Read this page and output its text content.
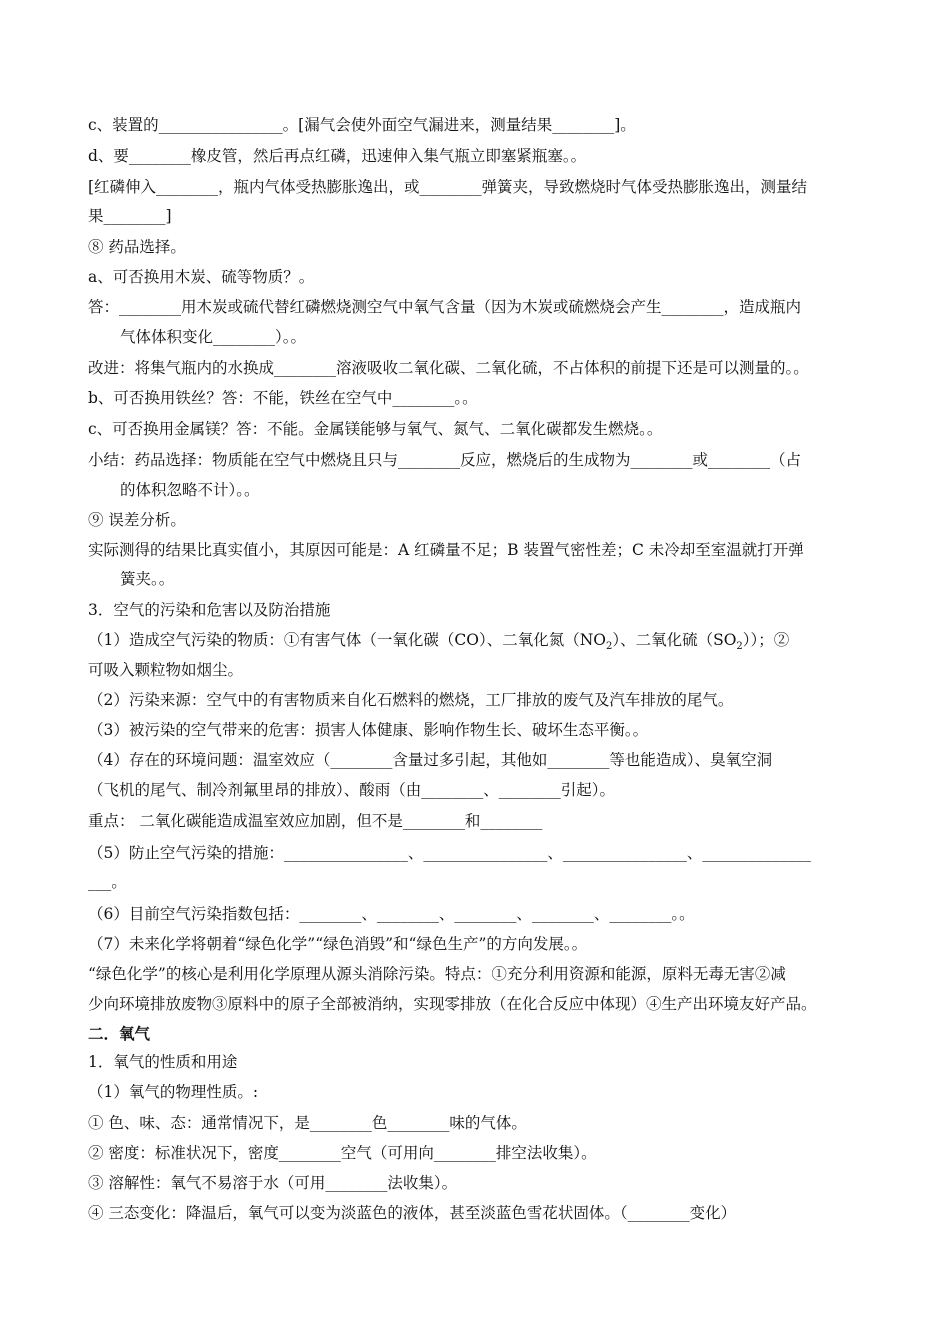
c、装置的________________。[漏气会使外面空气漏进来，测量结果________]。
d、要________橡皮管，然后再点红磷，迅速伸入集气瓶立即塞紧瓶塞。。
[红磷伸入________，瓶内气体受热膨胀逸出，或________弹簧夹，导致燃烧时气体受热膨胀逸出，测量结
果________]
⑧ 药品选择。
a、可否换用木炭、硫等物质？。
答：________用木炭或硫代替红磷燃烧测空气中氧气含量（因为木炭或硫燃烧会产生________，造成瓶内
气体体积变化________）。。
改进：将集气瓶内的水换成________溶液吸收二氧化碳、二氧化硫，不占体积的前提下还是可以测量的。。
b、可否换用铁丝？答：不能，铁丝在空气中________。。
c、可否换用金属镁？答：不能。金属镁能够与氧气、氮气、二氧化碳都发生燃烧。。
小结：药品选择：物质能在空气中燃烧且只与________反应，燃烧后的生成物为________或________（占
的体积忽略不计）。。
⑨ 误差分析。
实际测得的结果比真实值小，其原因可能是：A 红磷量不足；B 装置气密性差；C 未冷却至室温就打开弹
簧夹。。
3．空气的污染和危害以及防治措施
（1）造成空气污染的物质：①有害气体（一氧化碳（CO）、二氧化氮$(NO_2)$、二氧化硫$(SO_2)$）；②
可吸入颗粒物如烟尘。
（2）污染来源：空气中的有害物质来自化石燃料的燃烧，工厂排放的废气及汽车排放的尾气。
（3）被污染的空气带来的危害：损害人体健康、影响作物生长、破坏生态平衡。。
（4）存在的环境问题：温室效应（________含量过多引起，其他如________等也能造成）、臭氧空洞
（飞机的尾气、制冷剂氟里昂的排放）、酸雨（由________、________引起）。
重点： 二氧化碳能造成温室效应加剧，但不是________和________
（5）防止空气污染的措施：________________、________________、________________、______________
___。
（6）目前空气污染指数包括：________、________、________、________、________。。
（7）未来化学将朝着“绿色化学”“绿色消毁”和“绿色生产”的方向发展。。
“绿色化学”的核心是利用化学原理从源头消除污染。特点：①充分利用资源和能源，原料无毒无害②减
少向环境排放废物③原料中的原子全部被消纳，实现零排放（在化合反应中体现）④生产出环境友好产品。
二．氧气
1．氧气的性质和用途
（1）氧气的物理性质。:
① 色、味、态：通常情况下，是________色________味的气体。
② 密度：标准状况下，密度________空气（可用向________排空法收集）。
③ 溶解性：氧气不易溶于水（可用________法收集）。
④ 三态变化：降温后，氧气可以变为淡蓝色的液体，甚至淡蓝色雪花状固体。（________变化）
